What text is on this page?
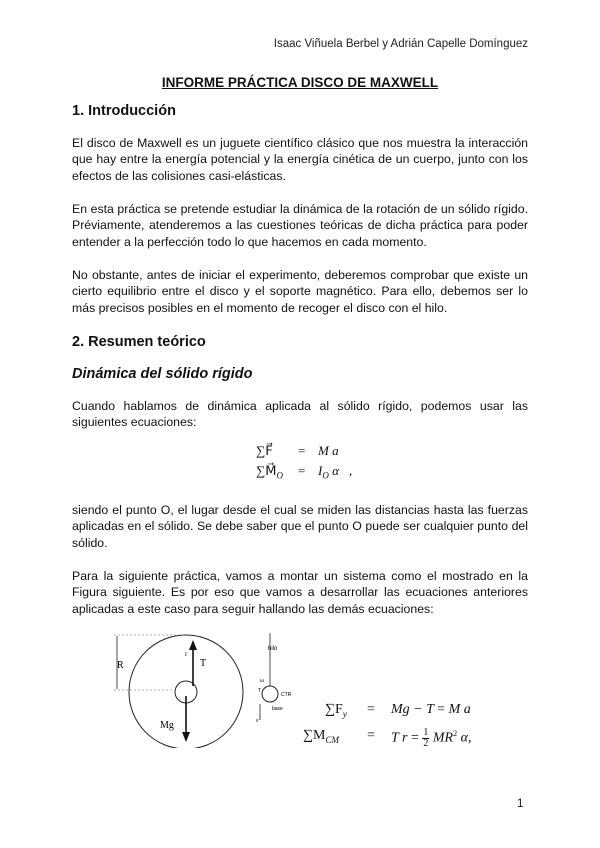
Isaac Viñuela Berbel y Adrián Capelle Domínguez
INFORME PRÁCTICA DISCO DE MAXWELL
1. Introducción
El disco de Maxwell es un juguete científico clásico que nos muestra la interacción que hay entre la energía potencial y la energía cinética de un cuerpo, junto con los efectos de las colisiones casi-elásticas.
En esta práctica se pretende estudiar la dinámica de la rotación de un sólido rígido. Préviamente, atenderemos a las cuestiones teóricas de dicha práctica para poder entender a la perfección todo lo que hacemos en cada momento.
No obstante, antes de iniciar el experimento, deberemos comprobar que existe un cierto equilibrio entre el disco y el soporte magnético. Para ello, debemos ser lo más precisos posibles en el momento de recoger el disco con el hilo.
2. Resumen teórico
Dinámica del sólido rígido
Cuando hablamos de dinámica aplicada al sólido rígido, podemos usar las siguientes ecuaciones:
∑F⃗ = M a⃗
$\sum M⃗_O = I_O$ α⃗,
siendo el punto O, el lugar desde el cual se miden las distancias hasta las fuerzas aplicadas en el sólido. Se debe saber que el punto O puede ser cualquier punto del sólido.
Para la siguiente práctica, vamos a montar un sistema como el mostrado en la Figura siguiente. Es por eso que vamos a desarrollar las ecuaciones anteriores aplicadas a este caso para seguir hallando las demás ecuaciones:
R	T
r
Mg
hilo
CTR
T
ω
v
base	$\sum F_y = Mg - T = M$ a
$\sum M_{CM} = T$ $r = \frac{1}{2} MR^2$ α,
1
